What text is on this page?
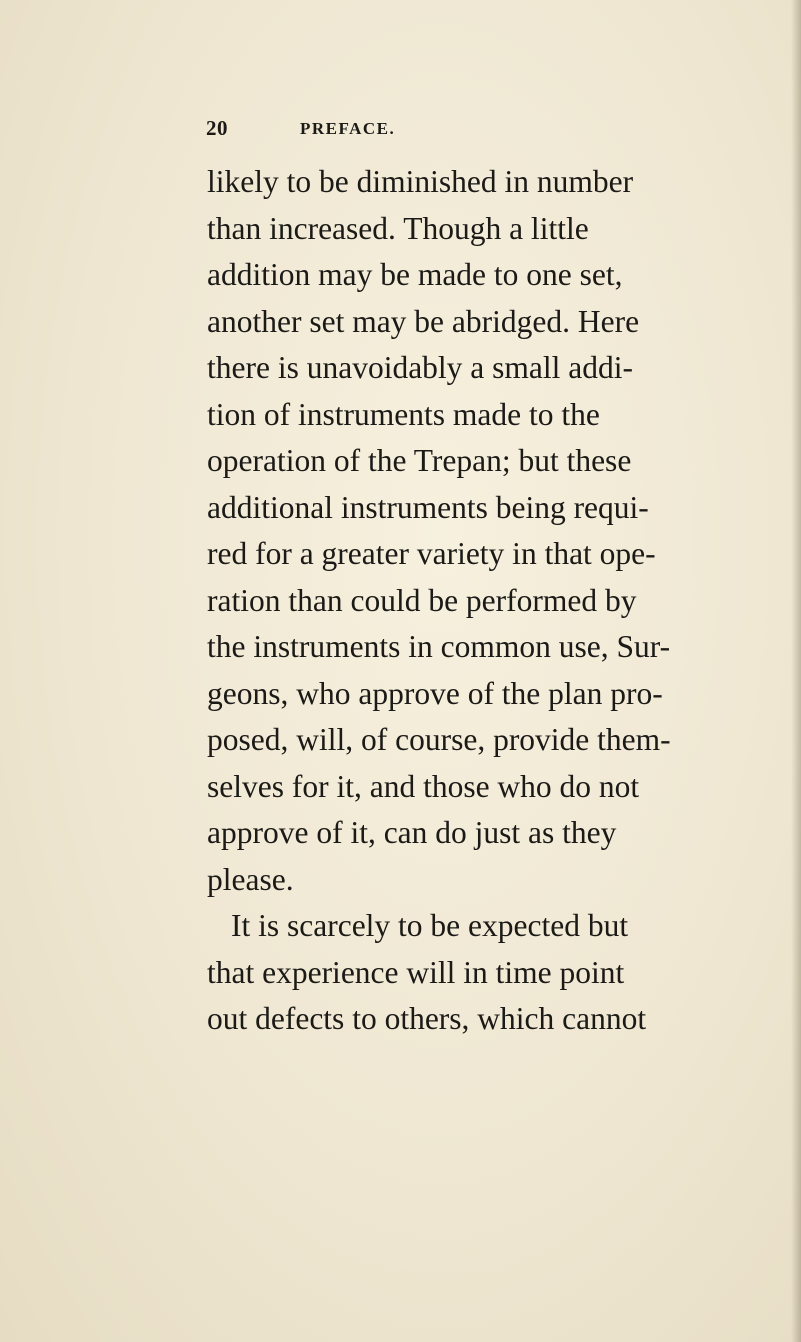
20	PREFACE.
likely to be diminished in number
than increased. Though a little
addition may be made to one set,
another set may be abridged. Here
there is unavoidably a small addi-
tion of instruments made to the
operation of the Trepan; but these
additional instruments being requi-
red for a greater variety in that ope-
ration than could be performed by
the instruments in common use, Sur-
geons, who approve of the plan pro-
posed, will, of course, provide them-
selves for it, and those who do not
approve of it, can do just as they
please.
It is scarcely to be expected but
that experience will in time point
out defects to others, which cannot
